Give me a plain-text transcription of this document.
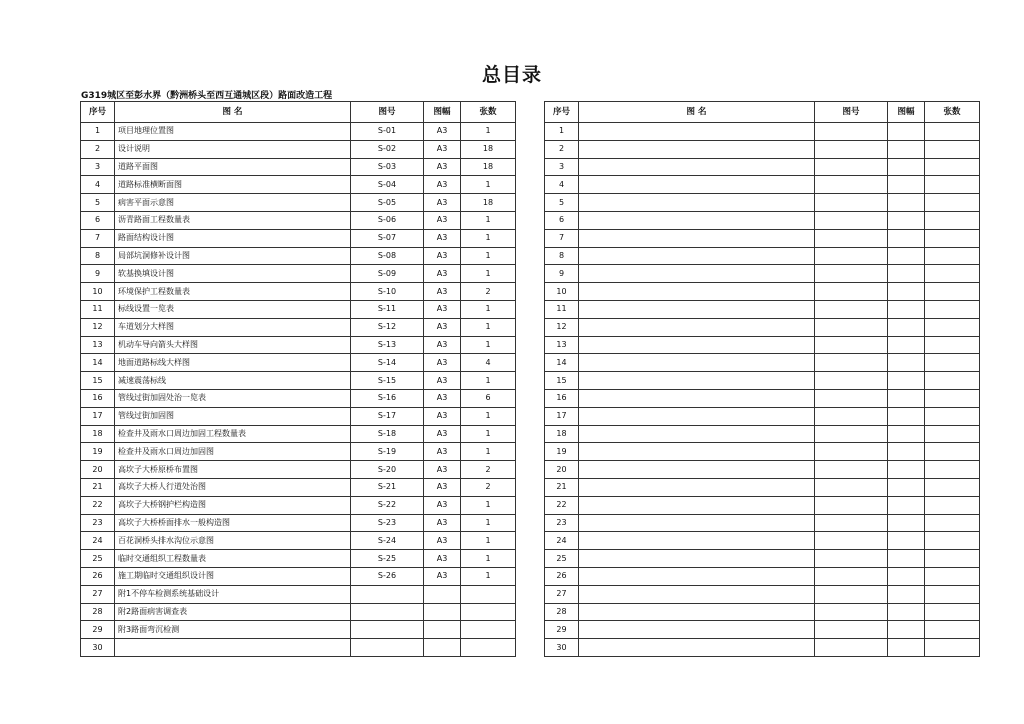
总目录
G319城区至彭水界（黔洲桥头至西互通城区段）路面改造工程
序号	图 名	图号	图幅	张数
1	项目地理位置图	S-01	A3	1
2	设计说明	S-02	A3	18
3	道路平面图	S-03	A3	18
4	道路标准横断面图	S-04	A3	1
5	病害平面示意图	S-05	A3	18
6	沥青路面工程数量表	S-06	A3	1
7	路面结构设计图	S-07	A3	1
8	局部坑洞修补设计图	S-08	A3	1
9	软基换填设计图	S-09	A3	1
10	环境保护工程数量表	S-10	A3	2
11	标线设置一览表	S-11	A3	1
12	车道划分大样图	S-12	A3	1
13	机动车导向箭头大样图	S-13	A3	1
14	地面道路标线大样图	S-14	A3	4
15	减速震荡标线	S-15	A3	1
16	管线过街加固处治一览表	S-16	A3	6
17	管线过街加固图	S-17	A3	1
18	检查井及雨水口周边加固工程数量表	S-18	A3	1
19	检查井及雨水口周边加固图	S-19	A3	1
20	高坎子大桥原桥布置图	S-20	A3	2
21	高坎子大桥人行道处治图	S-21	A3	2
22	高坎子大桥钢护栏构造图	S-22	A3	1
23	高坎子大桥桥面排水一般构造图	S-23	A3	1
24	百花洞桥头排水沟位示意图	S-24	A3	1
25	临时交通组织工程数量表	S-25	A3	1
26	施工期临时交通组织设计图	S-26	A3	1
27	附1不停车检测系统基础设计			
28	附2路面病害调查表			
29	附3路面弯沉检测			
30				
序号	图 名	图号	图幅	张数
1				
2				
3				
4				
5				
6				
7				
8				
9				
10				
11				
12				
13				
14				
15				
16				
17				
18				
19				
20				
21				
22				
23				
24				
25				
26				
27				
28				
29				
30				
